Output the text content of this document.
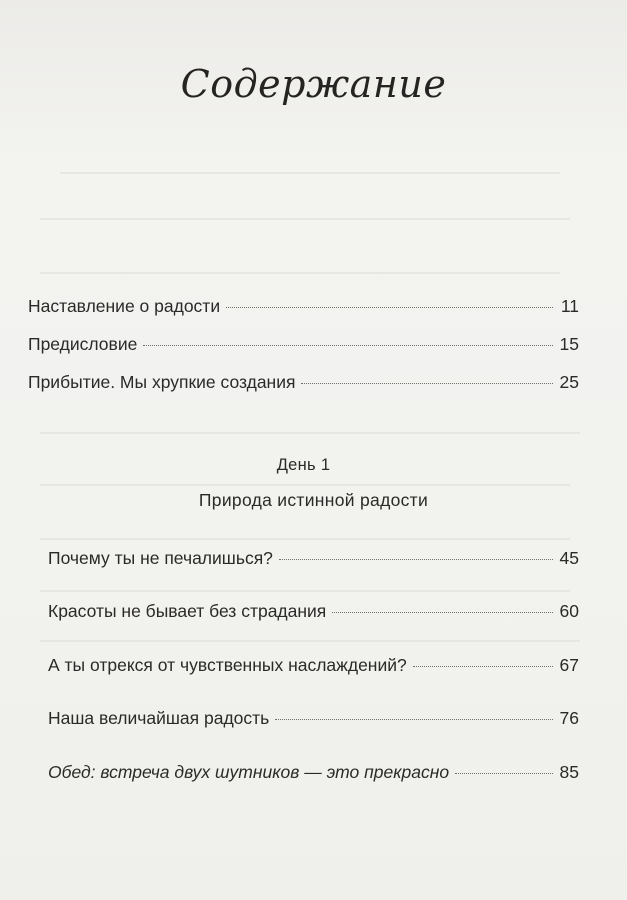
Содержание
Наставление о радости	11
Предисловие	15
Прибытие. Мы хрупкие создания	25
День 1
Природа истинной радости
Почему ты не печалишься?	45
Красоты не бывает без страдания	60
А ты отрекся от чувственных наслаждений?	67
Наша величайшая радость	76
Обед: встреча двух шутников — это прекрасно	85
